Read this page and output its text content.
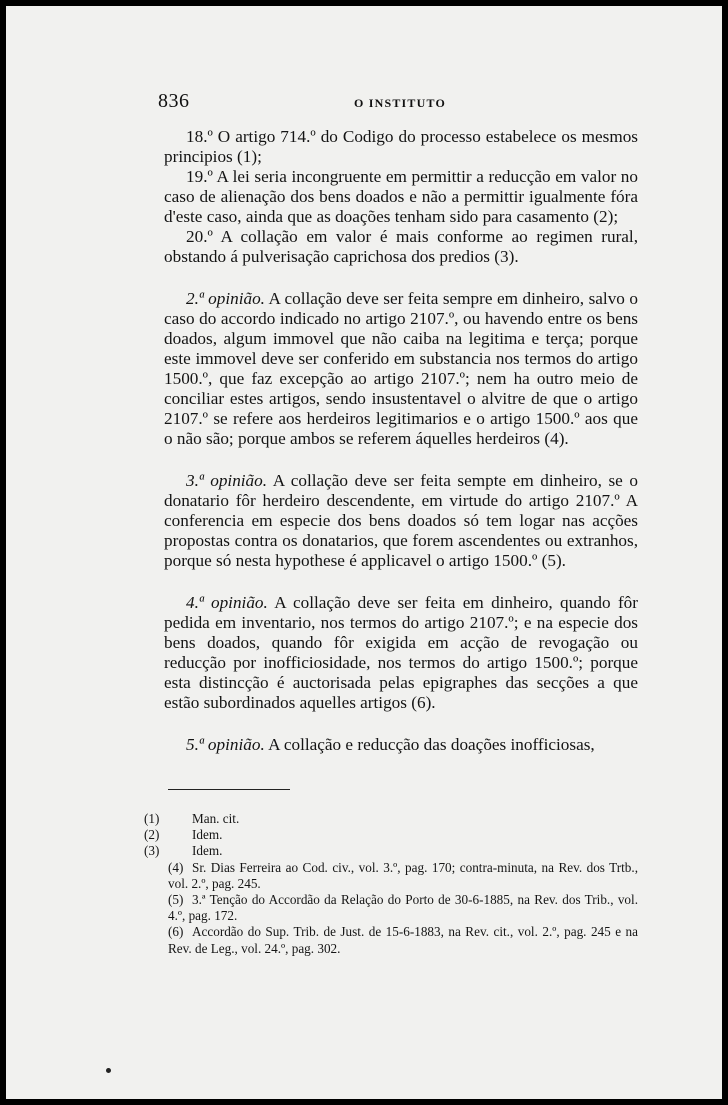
836	O INSTITUTO

18.º O artigo 714.º do Codigo do processo estabelece os mesmos principios (1);

19.º A lei seria incongruente em permittir a reducção em valor no caso de alienação dos bens doados e não a permittir igualmente fóra d'este caso, ainda que as doações tenham sido para casamento (2);

20.º A collação em valor é mais conforme ao regimen rural, obstando á pulverisação caprichosa dos predios (3).

2.ª opinião. A collação deve ser feita sempre em dinheiro, salvo o caso do accordo indicado no artigo 2107.º, ou havendo entre os bens doados, algum immovel que não caiba na legitima e terça; porque este immovel deve ser conferido em substancia nos termos do artigo 1500.º, que faz excepção ao artigo 2107.º; nem ha outro meio de conciliar estes artigos, sendo insustentavel o alvitre de que o artigo 2107.º se refere aos herdeiros legitimarios e o artigo 1500.º aos que o não são; porque ambos se referem áquelles herdeiros (4).

3.ª opinião. A collação deve ser feita sempte em dinheiro, se o donatario fôr herdeiro descendente, em virtude do artigo 2107.º A conferencia em especie dos bens doados só tem logar nas acções propostas contra os donatarios, que forem ascendentes ou extranhos, porque só nesta hypothese é applicavel o artigo 1500.º (5).

4.ª opinião. A collação deve ser feita em dinheiro, quando fôr pedida em inventario, nos termos do artigo 2107.º; e na especie dos bens doados, quando fôr exigida em acção de revogação ou reducção por inofficiosidade, nos termos do artigo 1500.º; porque esta distincção é auctorisada pelas epigraphes das secções a que estão subordinados aquelles artigos (6).

5.ª opinião. A collação e reducção das doações inofficiosas,

(1) Man. cit.

(2) Idem.

(3) Idem.

(4) Sr. Dias Ferreira ao Cod. civ., vol. 3.º, pag. 170; contra-minuta, na Rev. dos Trtb., vol. 2.º, pag. 245.

(5) 3.ª Tenção do Accordão da Relação do Porto de 30-6-1885, na Rev. dos Trib., vol. 4.º, pag. 172.

(6) Accordão do Sup. Trib. de Just. de 15-6-1883, na Rev. cit., vol. 2.º, pag. 245 e na Rev. de Leg., vol. 24.º, pag. 302.
